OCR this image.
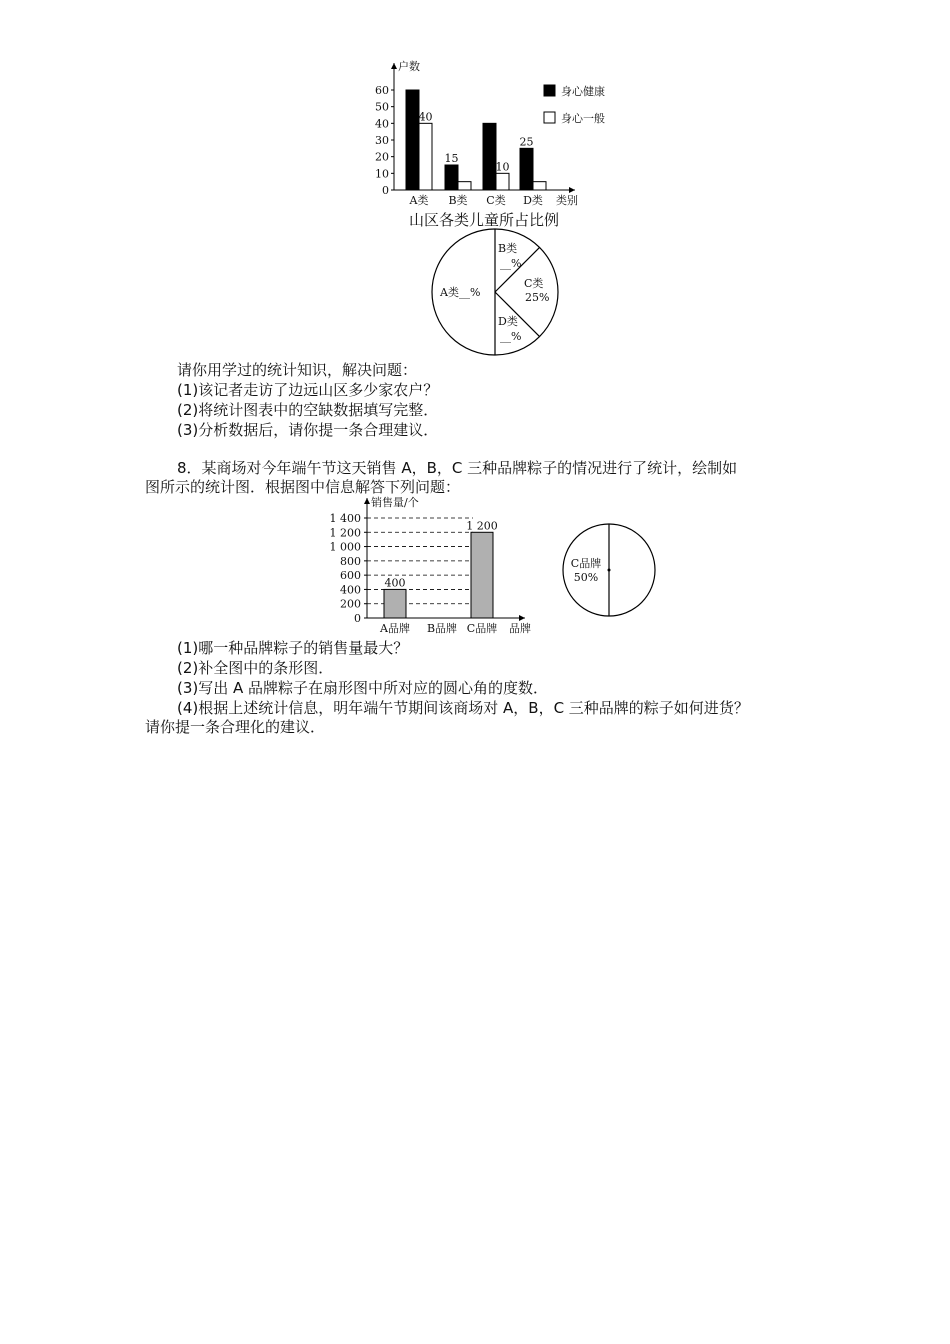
户数
类别
0
10
20
30
40
50
60
40
A类
15
B类
10
C类
25
D类
身心健康
身心一般
山区各类儿童所占比例
A类__%
B类
__%
C类
25%
D类
__%
请你用学过的统计知识，解决问题：
(1)该记者走访了边远山区多少家农户？
(2)将统计图表中的空缺数据填写完整．
(3)分析数据后，请你提一条合理建议．
8．某商场对今年端午节这天销售 A，B，C 三种品牌粽子的情况进行了统计，绘制如
图所示的统计图．根据图中信息解答下列问题：
销售量/个
品牌
0
200
400
600
800
1 000
1 200
1 400
400
A品牌 B品牌
1 200
C品牌
C品牌
50%
(1)哪一种品牌粽子的销售量最大？
(2)补全图中的条形图．
(3)写出 A 品牌粽子在扇形图中所对应的圆心角的度数．
(4)根据上述统计信息，明年端午节期间该商场对 A，B，C 三种品牌的粽子如何进货？
请你提一条合理化的建议．
